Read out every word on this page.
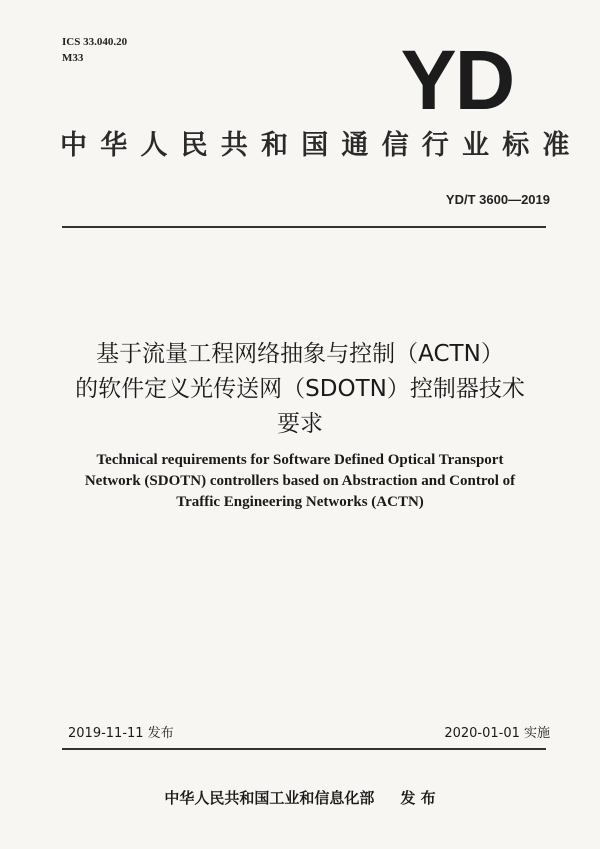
ICS 33.040.20
M33	YD
中华人民共和国通信行业标准
YD/T 3600—2019
基于流量工程网络抽象与控制（ACTN）
的软件定义光传送网（SDOTN）控制器技术
要求
Technical requirements for Software Defined Optical Transport
Network (SDOTN) controllers based on Abstraction and Control of
Traffic Engineering Networks (ACTN)
2019-11-11 发布	2020-01-01 实施
中华人民共和国工业和信息化部 发 布
